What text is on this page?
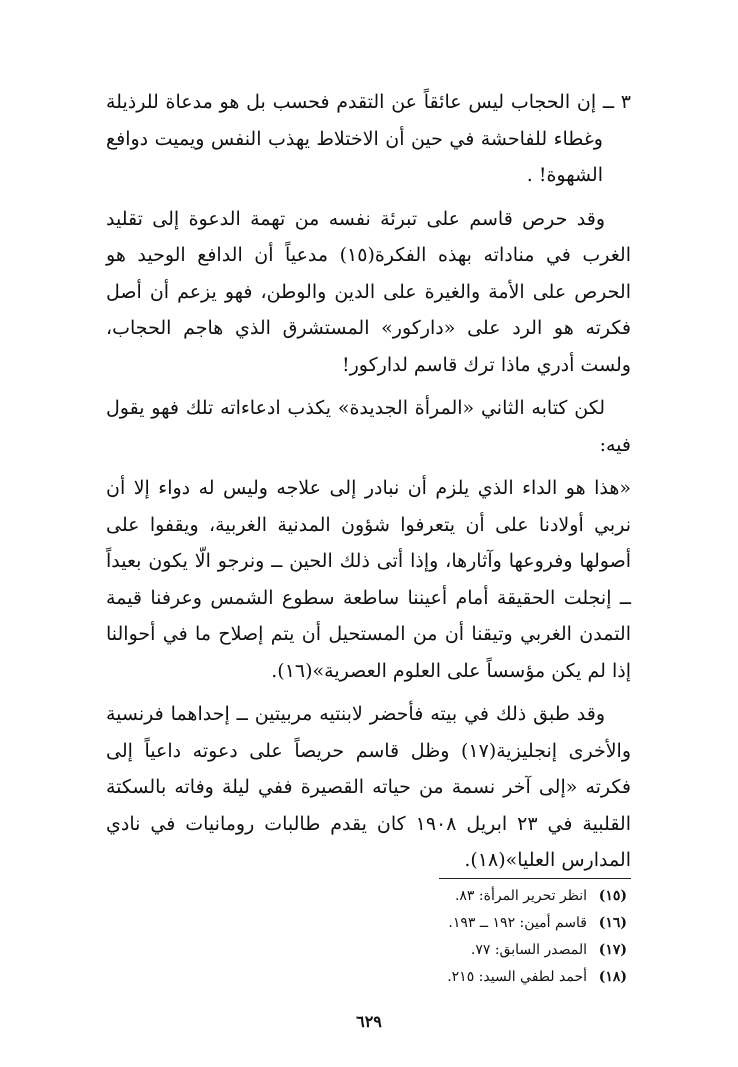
٣ ــ إن الحجاب ليس عائقاً عن التقدم فحسب بل هو مدعاة للرذيلة وغطاء للفاحشة في حين أن الاختلاط يهذب النفس ويميت دوافع الشهوة! .

وقد حرص قاسم على تبرئة نفسه من تهمة الدعوة إلى تقليد الغرب في مناداته بهذه الفكرة(١٥) مدعياً أن الدافع الوحيد هو الحرص على الأمة والغيرة على الدين والوطن، فهو يزعم أن أصل فكرته هو الرد على «داركور» المستشرق الذي هاجم الحجاب، ولست أدري ماذا ترك قاسم لداركور!

لكن كتابه الثاني «المرأة الجديدة» يكذب ادعاءاته تلك فهو يقول فيه:

«هذا هو الداء الذي يلزم أن نبادر إلى علاجه وليس له دواء إلا أن نربي أولادنا على أن يتعرفوا شؤون المدنية الغربية، ويقفوا على أصولها وفروعها وآثارها، وإذا أتى ذلك الحين ــ ونرجو الّا يكون بعيداً ــ إنجلت الحقيقة أمام أعيننا ساطعة سطوع الشمس وعرفنا قيمة التمدن الغربي وتيقنا أن من المستحيل أن يتم إصلاح ما في أحوالنا إذا لم يكن مؤسساً على العلوم العصرية»(١٦).

وقد طبق ذلك في بيته فأحضر لابنتيه مربيتين ــ إحداهما فرنسية والأخرى إنجليزية(١٧) وظل قاسم حريصاً على دعوته داعياً إلى فكرته «إلى آخر نسمة من حياته القصيرة ففي ليلة وفاته بالسكتة القلبية في ٢٣ ابريل ١٩٠٨ كان يقدم طالبات رومانيات في نادي المدارس العليا»(١٨).

(١٥)انظر تحرير المرأة: ٨٣.

(١٦)قاسم أمين: ١٩٢ ــ ١٩٣.

(١٧)المصدر السابق: ٧٧.

(١٨)أحمد لطفي السيد: ٢١٥.

٦٢٩
